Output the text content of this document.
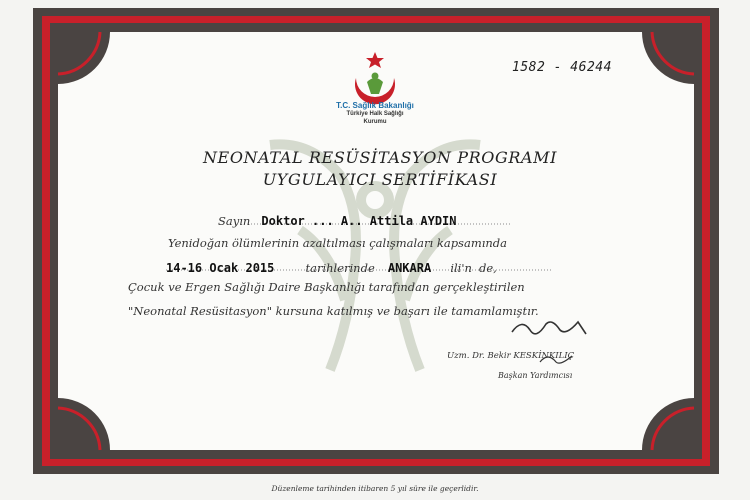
1582 - 46244
T.C. Sağlık Bakanlığı
Türkiye Halk Sağlığı
Kurumu
NEONATAL RESÜSİTASYON PROGRAMI
UYGULAYICI SERTİFİKASI
Sayın Doktor ... A.. Attila AYDIN
Yenidoğan ölümlerinin azaltılması çalışmaları kapsamında
14-16 Ocak 2015	tarihlerinde ANKARA ili'n de,
Çocuk ve Ergen Sağlığı Daire Başkanlığı tarafından gerçekleştirilen
"Neonatal Resüsitasyon" kursuna katılmış ve başarı ile tamamlamıştır.
Uzm. Dr. Bekir KESKİNKILIÇ
Başkan Yardımcısı
Düzenleme tarihinden itibaren 5 yıl süre ile geçerlidir.
